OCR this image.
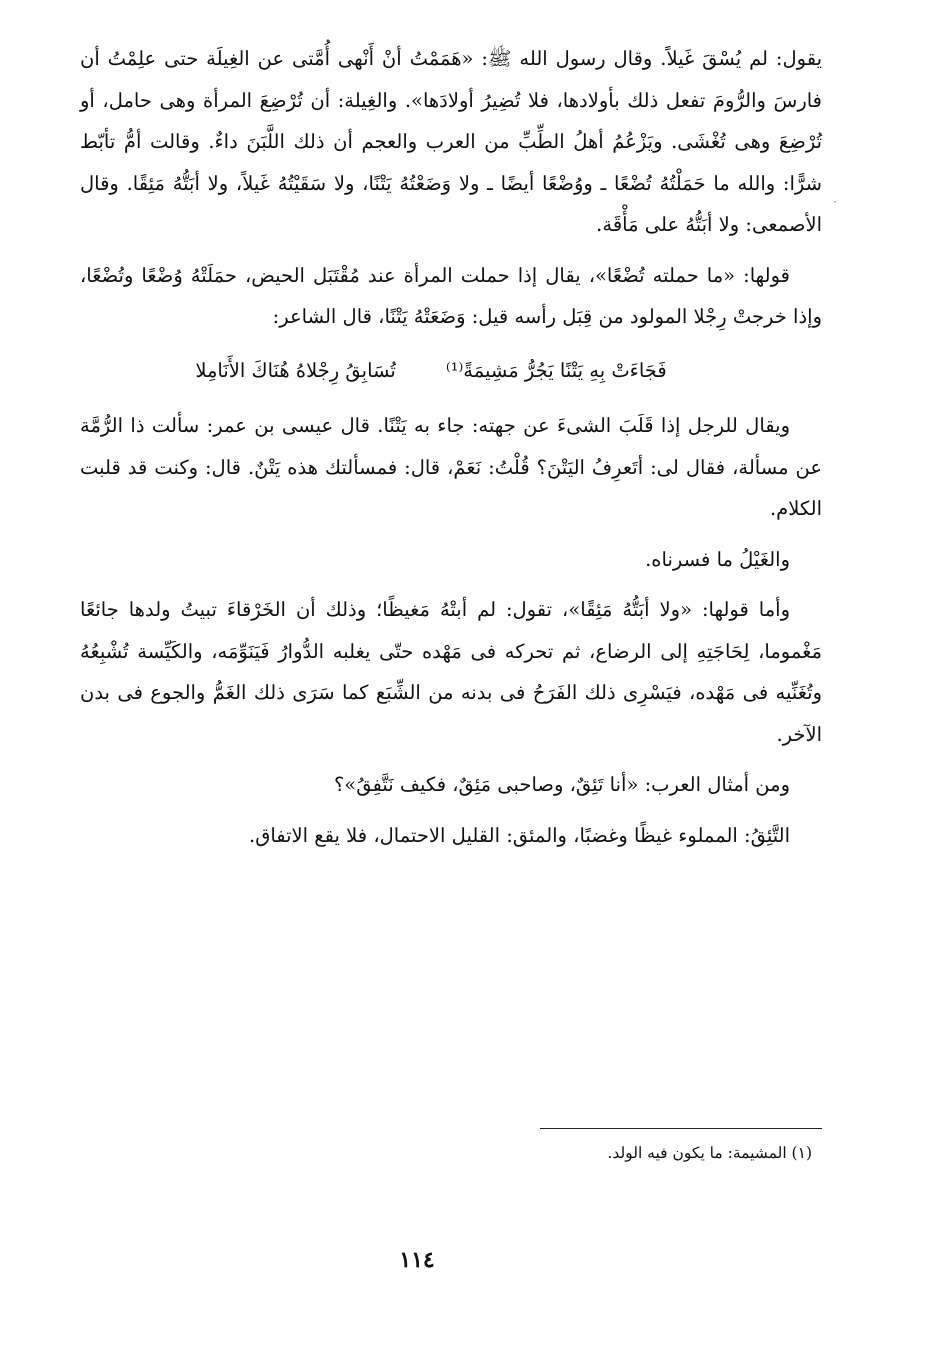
يقول: لم يُسْقَ غَيلاً. وقال رسول الله ﷺ: «هَمَمْتُ أنْ أَنْهى أُمَّتى عن الغِيلَة حتى علِمْتُ أن فارسَ والرُّومَ تفعل ذلك بأولادها، فلا تُضِيرُ أولادَها». والغِيلة: أن تُرْضِعَ المرأة وهى حامل، أو تُرْضِعَ وهى تُغْشَى. ويَزْعُمُ أهلُ الطِّبِّ من العرب والعجم أن ذلك اللَّبَنَ داءٌ. وقالت أمُّ تأبّط شرًّا: والله ما حَمَلْتُهُ تُضْعًا ـ ووُضْعًا أيضًا ـ ولا وَضَعْتُهُ يَتْنًا، ولا سَقَيْتُهُ غَيلاً، ولا أبَتُّهُ مَئِقًا. وقال الأصمعى: ولا أبَتُّهُ على مَأْقَة.

قولها: «ما حملته تُضْعًا»، يقال إذا حملت المرأة عند مُقْتَبَل الحيض، حمَلَتْهُ وُضْعًا وتُضْعًا، وإذا خرجتْ رِجْلا المولود من قِبَل رأسه قيل: وَضَعَتْهُ يَتْنًا، قال الشاعر:

فَجَاءَتْ بِهِ يَتْنًا يَجُرُّ مَشِيمَةً⁽¹⁾
تُسَابِقُ رِجْلاهُ هُنَاكَ الأَنَامِلا

ويقال للرجل إذا قَلَبَ الشىءَ عن جهته: جاء به يَتْنًا. قال عيسى بن عمر: سألت ذا الرُّمَّة عن مسألة، فقال لى: أتَعرِفُ اليَتْنَ؟ قُلْتُ: نَعَمْ، قال: فمسألتك هذه يَتْنٌ. قال: وكنت قد قلبت الكلام.

والغَيْلُ ما فسرناه.

وأما قولها: «ولا أبَتُّهُ مَئِقًا»، تقول: لم أبتْهُ مَغيظًا؛ وذلك أن الخَرْقاءَ تبيتُ ولدها جائعًا مَغْموما، لِحَاجَتِهِ إلى الرضاع، ثم تحركه فى مَهْده حتّى يغلبه الدُّوارُ فَيَنَوِّمَه، والكَيِّسة تُشْبِعُهُ وتُغَنِّيه فى مَهْده، فيَسْرِى ذلك الفَرَحُ فى بدنه من الشِّبَع كما سَرَى ذلك الغَمُّ والجوع فى بدن الآخر.

ومن أمثال العرب: «أنا تَئِقٌ، وصاحبى مَئِقٌ، فكيف نَتَّفِقُ»؟

التَّئِقُ: المملوء غيظًا وغضبًا، والمئق: القليل الاحتمال، فلا يقع الاتفاق.

·
(١) المشيمة: ما يكون فيه الولد.
١١٤
